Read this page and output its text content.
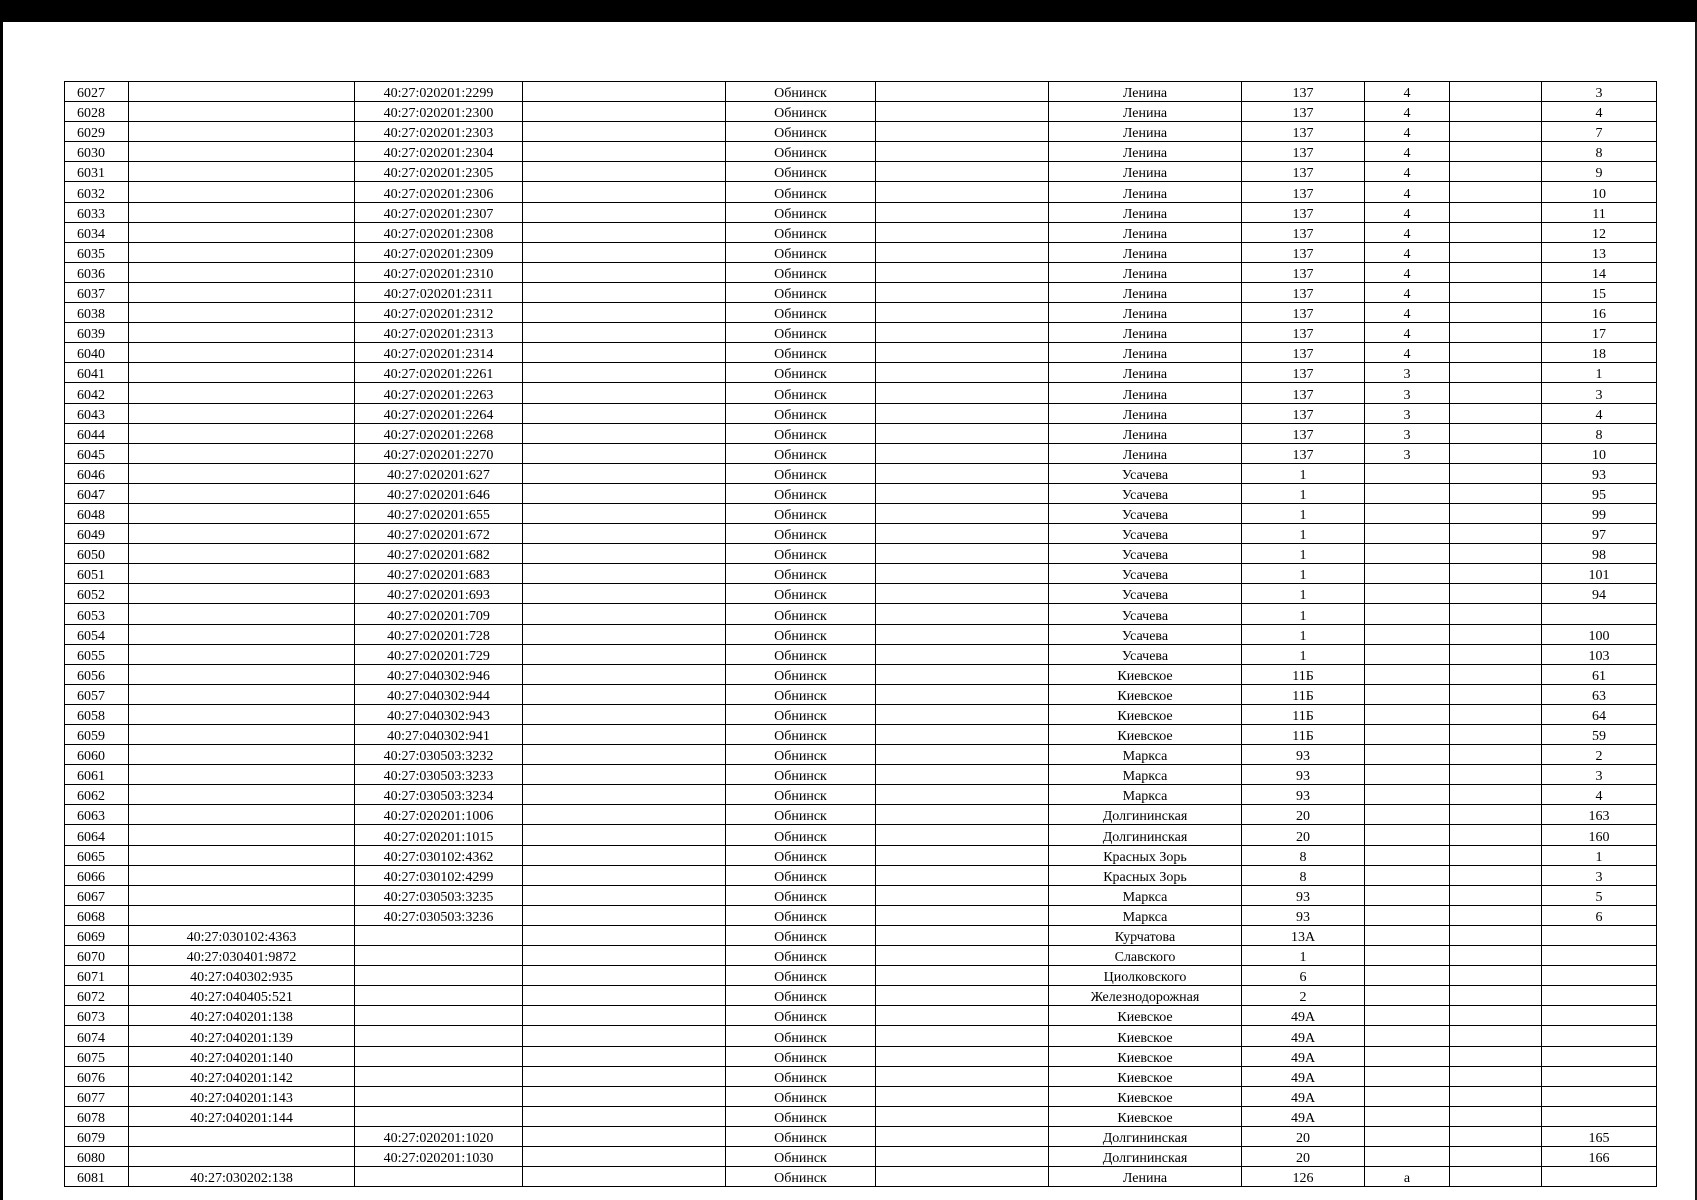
6027		40:27:020201:2299		Обнинск		Ленина	137	4		3
6028		40:27:020201:2300		Обнинск		Ленина	137	4		4
6029		40:27:020201:2303		Обнинск		Ленина	137	4		7
6030		40:27:020201:2304		Обнинск		Ленина	137	4		8
6031		40:27:020201:2305		Обнинск		Ленина	137	4		9
6032		40:27:020201:2306		Обнинск		Ленина	137	4		10
6033		40:27:020201:2307		Обнинск		Ленина	137	4		11
6034		40:27:020201:2308		Обнинск		Ленина	137	4		12
6035		40:27:020201:2309		Обнинск		Ленина	137	4		13
6036		40:27:020201:2310		Обнинск		Ленина	137	4		14
6037		40:27:020201:2311		Обнинск		Ленина	137	4		15
6038		40:27:020201:2312		Обнинск		Ленина	137	4		16
6039		40:27:020201:2313		Обнинск		Ленина	137	4		17
6040		40:27:020201:2314		Обнинск		Ленина	137	4		18
6041		40:27:020201:2261		Обнинск		Ленина	137	3		1
6042		40:27:020201:2263		Обнинск		Ленина	137	3		3
6043		40:27:020201:2264		Обнинск		Ленина	137	3		4
6044		40:27:020201:2268		Обнинск		Ленина	137	3		8
6045		40:27:020201:2270		Обнинск		Ленина	137	3		10
6046		40:27:020201:627		Обнинск		Усачева	1			93
6047		40:27:020201:646		Обнинск		Усачева	1			95
6048		40:27:020201:655		Обнинск		Усачева	1			99
6049		40:27:020201:672		Обнинск		Усачева	1			97
6050		40:27:020201:682		Обнинск		Усачева	1			98
6051		40:27:020201:683		Обнинск		Усачева	1			101
6052		40:27:020201:693		Обнинск		Усачева	1			94
6053		40:27:020201:709		Обнинск		Усачева	1			
6054		40:27:020201:728		Обнинск		Усачева	1			100
6055		40:27:020201:729		Обнинск		Усачева	1			103
6056		40:27:040302:946		Обнинск		Киевское	11Б			61
6057		40:27:040302:944		Обнинск		Киевское	11Б			63
6058		40:27:040302:943		Обнинск		Киевское	11Б			64
6059		40:27:040302:941		Обнинск		Киевское	11Б			59
6060		40:27:030503:3232		Обнинск		Маркса	93			2
6061		40:27:030503:3233		Обнинск		Маркса	93			3
6062		40:27:030503:3234		Обнинск		Маркса	93			4
6063		40:27:020201:1006		Обнинск		Долгининская	20			163
6064		40:27:020201:1015		Обнинск		Долгининская	20			160
6065		40:27:030102:4362		Обнинск		Красных Зорь	8			1
6066		40:27:030102:4299		Обнинск		Красных Зорь	8			3
6067		40:27:030503:3235		Обнинск		Маркса	93			5
6068		40:27:030503:3236		Обнинск		Маркса	93			6
6069	40:27:030102:4363			Обнинск		Курчатова	13А			
6070	40:27:030401:9872			Обнинск		Славского	1			
6071	40:27:040302:935			Обнинск		Циолковского	6			
6072	40:27:040405:521			Обнинск		Железнодорожная	2			
6073	40:27:040201:138			Обнинск		Киевское	49А			
6074	40:27:040201:139			Обнинск		Киевское	49А			
6075	40:27:040201:140			Обнинск		Киевское	49А			
6076	40:27:040201:142			Обнинск		Киевское	49А			
6077	40:27:040201:143			Обнинск		Киевское	49А			
6078	40:27:040201:144			Обнинск		Киевское	49А			
6079		40:27:020201:1020		Обнинск		Долгининская	20			165
6080		40:27:020201:1030		Обнинск		Долгининская	20			166
6081	40:27:030202:138			Обнинск		Ленина	126	а		
